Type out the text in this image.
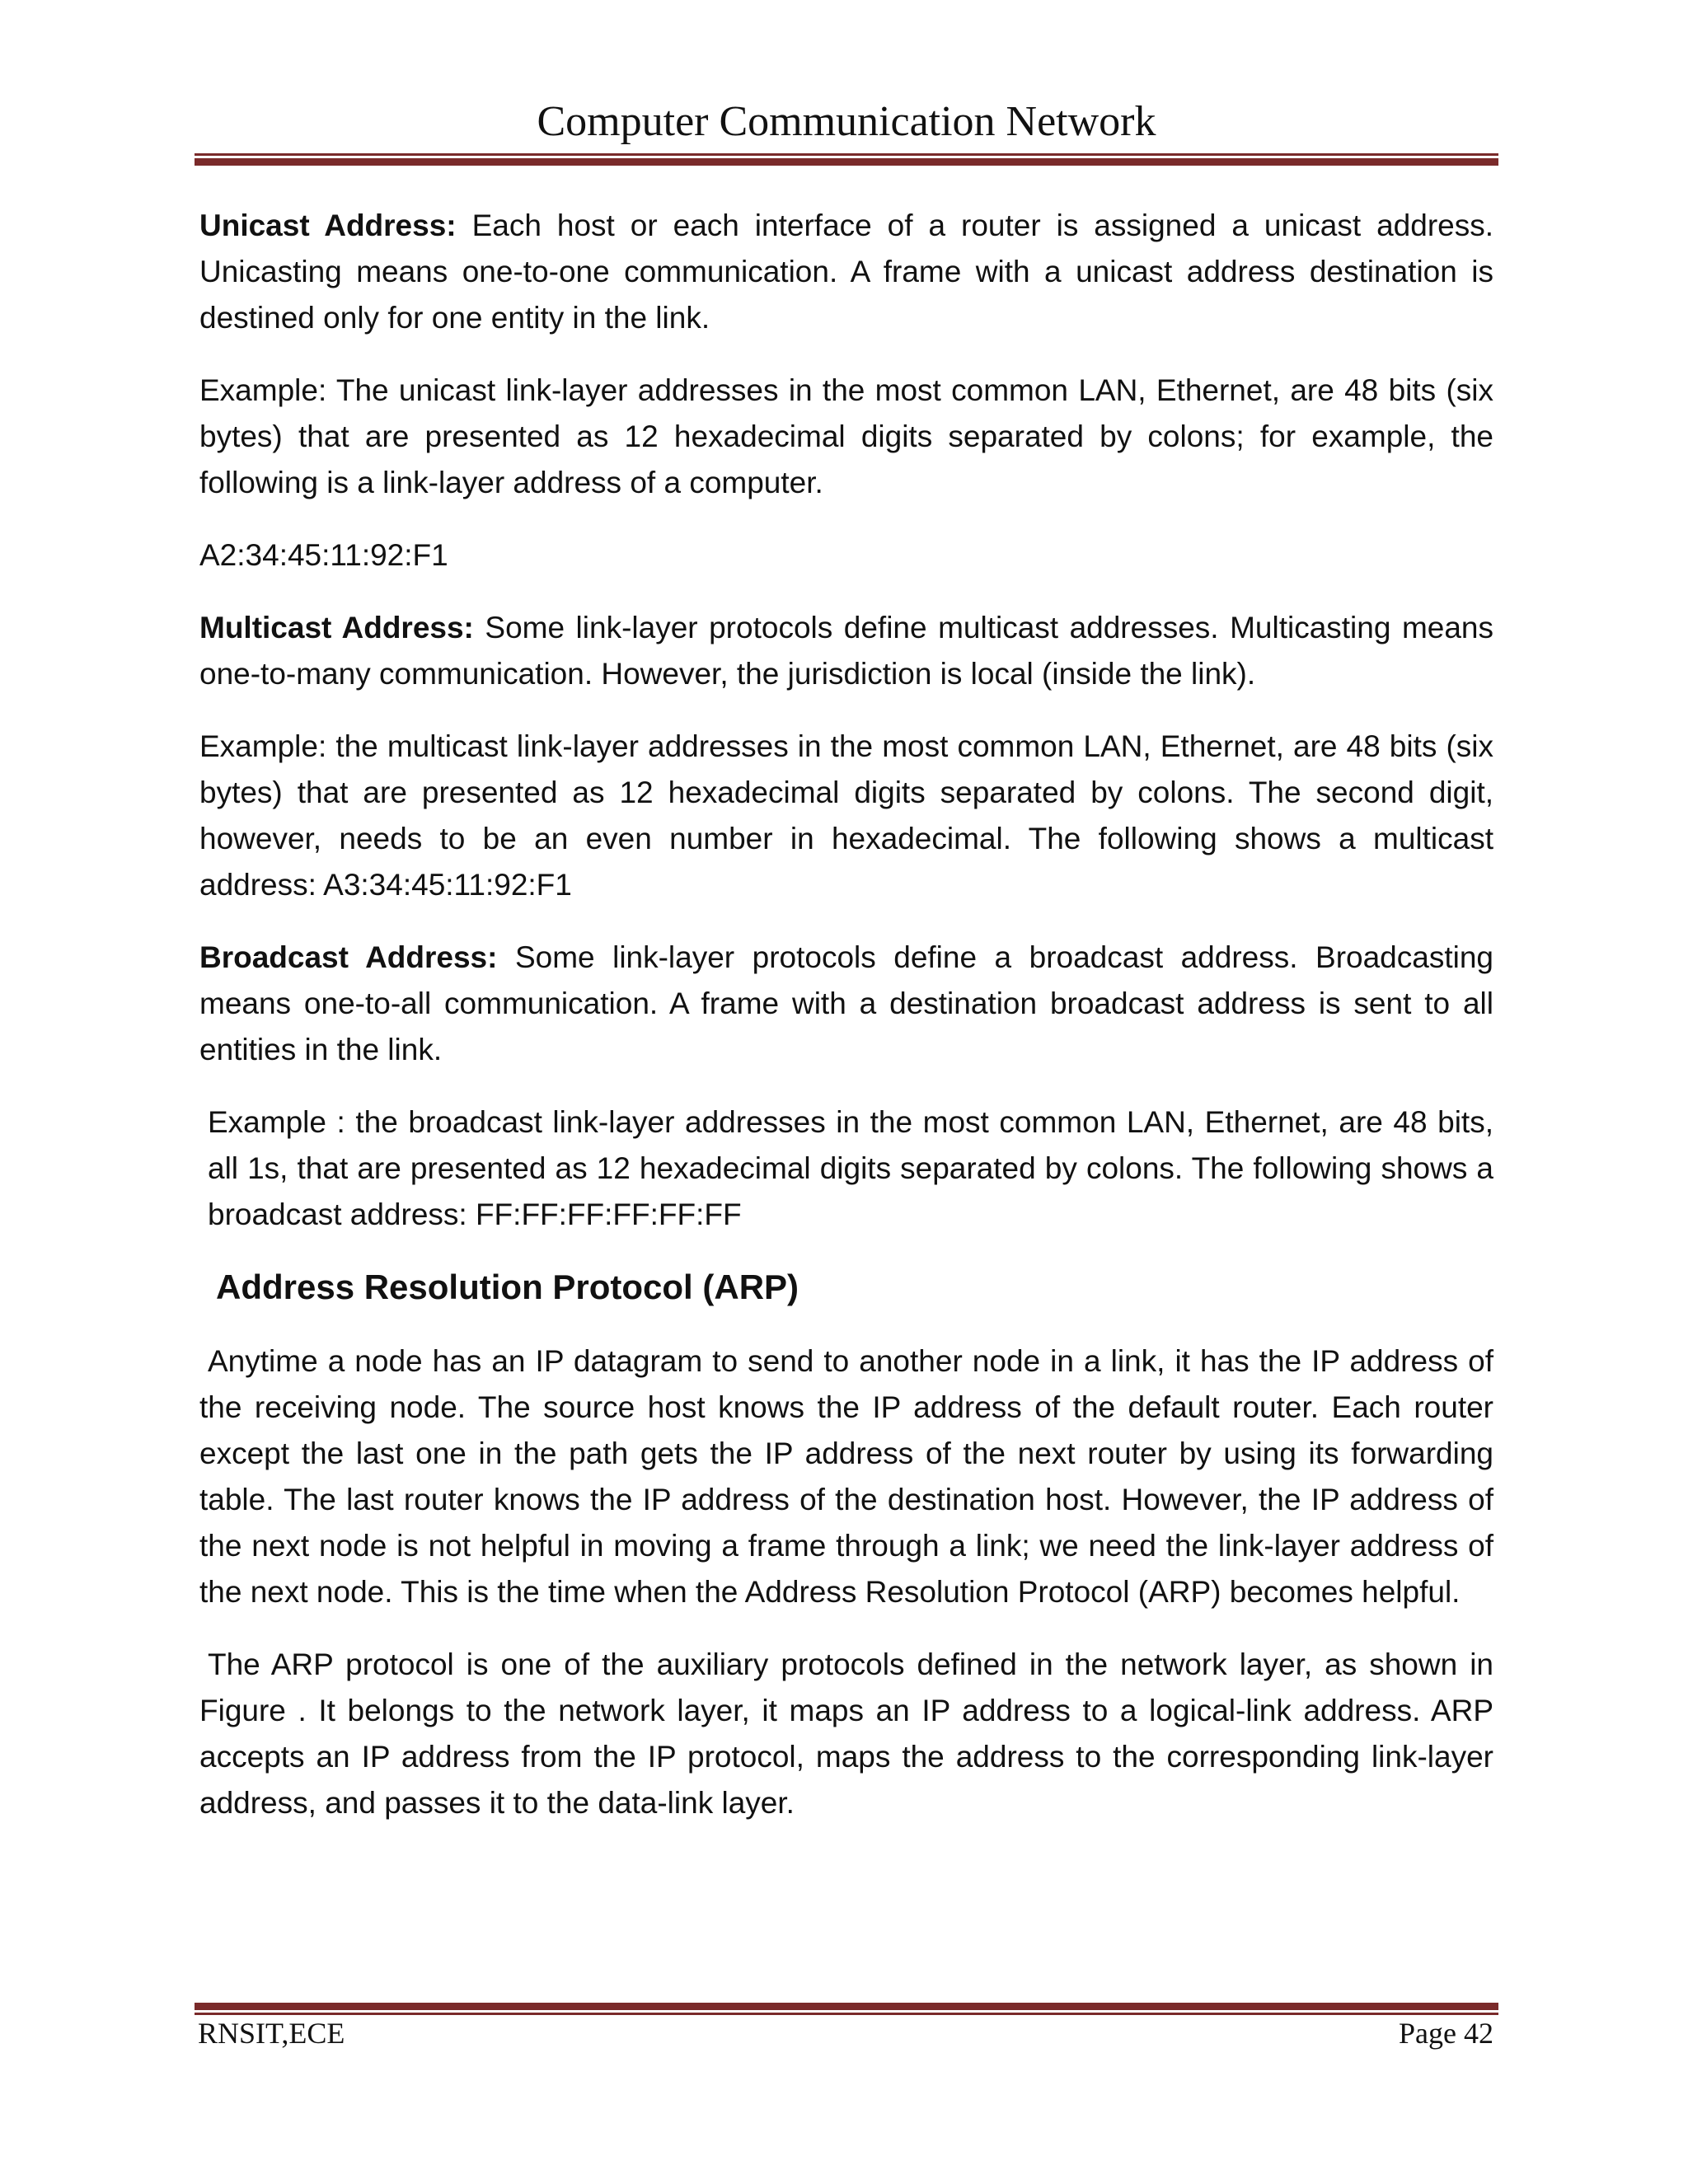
Computer Communication Network

Unicast Address: Each host or each interface of a router is assigned a unicast address. Unicasting means one-to-one communication. A frame with a unicast address destination is destined only for one entity in the link.

Example: The unicast link-layer addresses in the most common LAN, Ethernet, are 48 bits (six bytes) that are presented as 12 hexadecimal digits separated by colons; for example, the following is a link-layer address of a computer.

A2:34:45:11:92:F1

Multicast Address: Some link-layer protocols define multicast addresses. Multicasting means one-to-many communication. However, the jurisdiction is local (inside the link).

Example: the multicast link-layer addresses in the most common LAN, Ethernet, are 48 bits (six bytes) that are presented as 12 hexadecimal digits separated by colons. The second digit, however, needs to be an even number in hexadecimal. The following shows a multicast address: A3:34:45:11:92:F1

Broadcast Address: Some link-layer protocols define a broadcast address. Broadcasting means one-to-all communication. A frame with a destination broadcast address is sent to all entities in the link.

Example : the broadcast link-layer addresses in the most common LAN, Ethernet, are 48 bits, all 1s, that are presented as 12 hexadecimal digits separated by colons. The following shows a broadcast address: FF:FF:FF:FF:FF:FF

Address Resolution Protocol (ARP)

Anytime a node has an IP datagram to send to another node in a link, it has the IP address of the receiving node. The source host knows the IP address of the default router. Each router except the last one in the path gets the IP address of the next router by using its forwarding table. The last router knows the IP address of the destination host. However, the IP address of the next node is not helpful in moving a frame through a link; we need the link-layer address of the next node. This is the time when the Address Resolution Protocol (ARP) becomes helpful.

The ARP protocol is one of the auxiliary protocols defined in the network layer, as shown in Figure . It belongs to the network layer, it maps an IP address to a logical-link address. ARP accepts an IP address from the IP protocol, maps the address to the corresponding link-layer address, and passes it to the data-link layer.

RNSIT,ECE	Page 42
